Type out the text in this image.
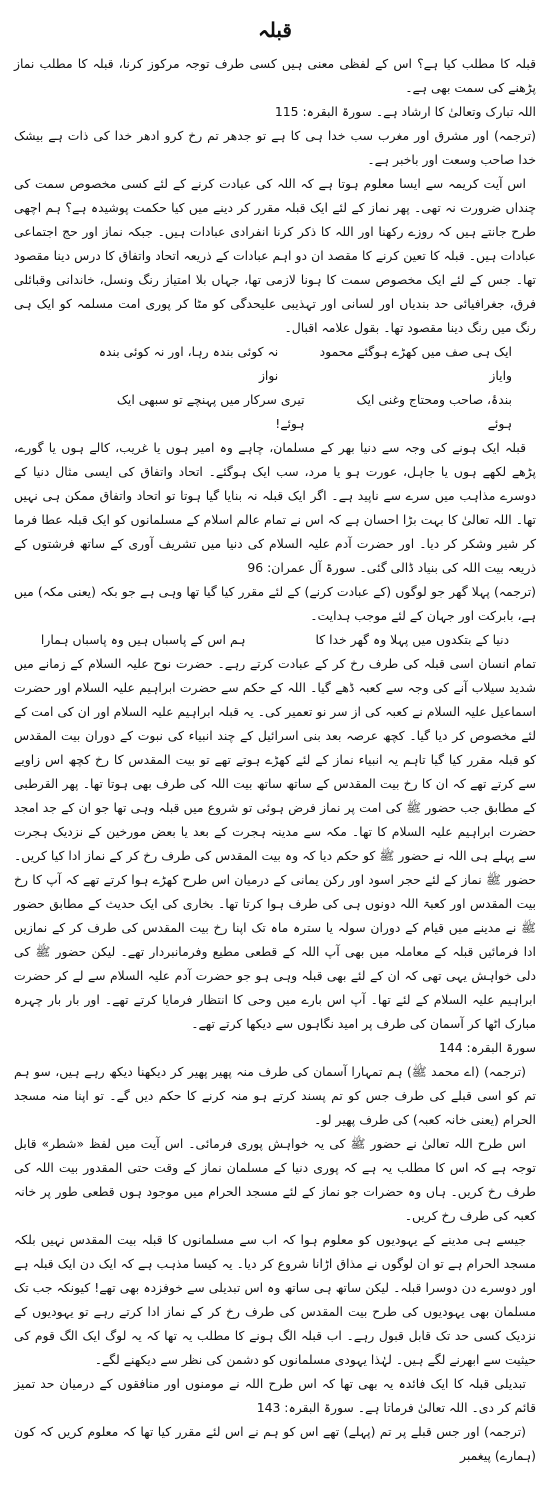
قبلہ

قبلہ کا مطلب کیا ہے؟ اس کے لفظی معنی ہیں کسی طرف توجہ مرکوز کرنا، قبلہ کا مطلب نماز پڑھنے کی سمت بھی ہے۔

اللہ تبارک وتعالیٰ کا ارشاد ہے۔ سورۃ البقرہ: 115

(ترجمہ) اور مشرق اور مغرب سب خدا ہی کا ہے تو جدھر تم رخ کرو ادھر خدا کی ذات ہے بیشک خدا صاحب وسعت اور باخبر ہے۔

اس آیت کریمہ سے ایسا معلوم ہوتا ہے کہ اللہ کی عبادت کرنے کے لئے کسی مخصوص سمت کی چنداں ضرورت نہ تھی۔ پھر نماز کے لئے ایک قبلہ مقرر کر دینے میں کیا حکمت پوشیدہ ہے؟ ہم اچھی طرح جانتے ہیں کہ روزے رکھنا اور اللہ کا ذکر کرنا انفرادی عبادات ہیں۔ جبکہ نماز اور حج اجتماعی عبادات ہیں۔ قبلہ کا تعین کرنے کا مقصد ان دو اہم عبادات کے ذریعہ اتحاد واتفاق کا درس دینا مقصود تھا۔ جس کے لئے ایک مخصوص سمت کا ہونا لازمی تھا، جہاں بلا امتیاز رنگ ونسل، خاندانی وقبائلی فرق، جغرافیائی حد بندیاں اور لسانی اور تہذیبی علیحدگی کو مٹا کر پوری امت مسلمہ کو ایک ہی رنگ میں رنگ دینا مقصود تھا۔ بقول علامہ اقبال۔

ایک ہی صف میں کھڑے ہوگئے محمود وایاز
نہ کوئی بندہ رہا، اور نہ کوئی بندہ نواز
بندۂ، صاحب ومحتاج وغنی ایک ہوئے
تیری سرکار میں پہنچے تو سبھی ایک ہوئے!

قبلہ ایک ہونے کی وجہ سے دنیا بھر کے مسلمان، چاہے وہ امیر ہوں یا غریب، کالے ہوں یا گورے، پڑھے لکھے ہوں یا جاہل، عورت ہو یا مرد، سب ایک ہوگئے۔ اتحاد واتفاق کی ایسی مثال دنیا کے دوسرے مذاہب میں سرے سے ناپید ہے۔ اگر ایک قبلہ نہ بنایا گیا ہوتا تو اتحاد واتفاق ممکن ہی نہیں تھا۔ اللہ تعالیٰ کا بہت بڑا احسان ہے کہ اس نے تمام عالم اسلام کے مسلمانوں کو ایک قبلہ عطا فرما کر شیر وشکر کر دیا۔ اور حضرت آدم علیہ السلام کی دنیا میں تشریف آوری کے ساتھ فرشتوں کے ذریعہ بیت اللہ کی بنیاد ڈالی گئی۔ سورۃ آل عمران: 96

(ترجمہ) پہلا گھر جو لوگوں (کے عبادت کرنے) کے لئے مقرر کیا گیا تھا وہی ہے جو بکہ (یعنی مکہ) میں ہے، بابرکت اور جہان کے لئے موجب ہدایت۔

دنیا کے بتکدوں میں پہلا وہ گھر خدا کا
ہم اس کے پاسباں ہیں وہ پاسباں ہمارا

تمام انسان اسی قبلہ کی طرف رخ کر کے عبادت کرتے رہے۔ حضرت نوح علیہ السلام کے زمانے میں شدید سیلاب آنے کی وجہ سے کعبہ ڈھے گیا۔ اللہ کے حکم سے حضرت ابراہیم علیہ السلام اور حضرت اسماعیل علیہ السلام نے کعبہ کی از سر نو تعمیر کی۔ یہ قبلہ ابراہیم علیہ السلام اور ان کی امت کے لئے مخصوص کر دیا گیا۔ کچھ عرصہ بعد بنی اسرائیل کے چند انبیاء کی نبوت کے دوران بیت المقدس کو قبلہ مقرر کیا گیا تاہم یہ انبیاء نماز کے لئے کھڑے ہوتے تھے تو بیت المقدس کا رخ کچھ اس زاویے سے کرتے تھے کہ ان کا رخ بیت المقدس کے ساتھ ساتھ بیت اللہ کی طرف بھی ہوتا تھا۔ پھر القرطبی کے مطابق جب حضور ﷺ کی امت پر نماز فرض ہوئی تو شروع میں قبلہ وہی تھا جو ان کے جد امجد حضرت ابراہیم علیہ السلام کا تھا۔ مکہ سے مدینہ ہجرت کے بعد یا بعض مورخین کے نزدیک ہجرت سے پہلے ہی اللہ نے حضور ﷺ کو حکم دیا کہ وہ بیت المقدس کی طرف رخ کر کے نماز ادا کیا کریں۔ حضور ﷺ نماز کے لئے حجر اسود اور رکن یمانی کے درمیان اس طرح کھڑے ہوا کرتے تھے کہ آپ کا رخ بیت المقدس اور کعبۃ اللہ دونوں ہی کی طرف ہوا کرتا تھا۔ بخاری کی ایک حدیث کے مطابق حضور ﷺ نے مدینے میں قیام کے دوران سولہ یا سترہ ماہ تک اپنا رخ بیت المقدس کی طرف کر کے نمازیں ادا فرمائیں قبلہ کے معاملہ میں بھی آپ اللہ کے قطعی مطیع وفرمانبردار تھے۔ لیکن حضور ﷺ کی دلی خواہش یہی تھی کہ ان کے لئے بھی قبلہ وہی ہو جو حضرت آدم علیہ السلام سے لے کر حضرت ابراہیم علیہ السلام کے لئے تھا۔ آپ اس بارے میں وحی کا انتظار فرمایا کرتے تھے۔ اور بار بار چہرہ مبارک اٹھا کر آسمان کی طرف پر امید نگاہوں سے دیکھا کرتے تھے۔

سورۃ البقرہ: 144

(ترجمہ) (اے محمد ﷺ) ہم تمہارا آسمان کی طرف منہ پھیر پھیر کر دیکھنا دیکھ رہے ہیں، سو ہم تم کو اسی قبلے کی طرف جس کو تم پسند کرتے ہو منہ کرنے کا حکم دیں گے۔ تو اپنا منہ مسجد الحرام (یعنی خانہ کعبہ) کی طرف پھیر لو۔

اس طرح اللہ تعالیٰ نے حضور ﷺ کی یہ خواہش پوری فرمائی۔ اس آیت میں لفظ «شطر» قابل توجہ ہے کہ اس کا مطلب یہ ہے کہ پوری دنیا کے مسلمان نماز کے وقت حتی المقدور بیت اللہ کی طرف رخ کریں۔ ہاں وہ حضرات جو نماز کے لئے مسجد الحرام میں موجود ہوں قطعی طور پر خانہ کعبہ کی طرف رخ کریں۔

جیسے ہی مدینے کے یہودیوں کو معلوم ہوا کہ اب سے مسلمانوں کا قبلہ بیت المقدس نہیں بلکہ مسجد الحرام ہے تو ان لوگوں نے مذاق اڑانا شروع کر دیا۔ یہ کیسا مذہب ہے کہ ایک دن ایک قبلہ ہے اور دوسرے دن دوسرا قبلہ۔ لیکن ساتھ ہی ساتھ وہ اس تبدیلی سے خوفزدہ بھی تھے! کیونکہ جب تک مسلمان بھی یہودیوں کی طرح بیت المقدس کی طرف رخ کر کے نماز ادا کرتے رہے تو یہودیوں کے نزدیک کسی حد تک قابل قبول رہے۔ اب قبلہ الگ ہونے کا مطلب یہ تھا کہ یہ لوگ ایک الگ قوم کی حیثیت سے ابھرنے لگے ہیں۔ لہٰذا یہودی مسلمانوں کو دشمن کی نظر سے دیکھنے لگے۔

تبدیلی قبلہ کا ایک فائدہ یہ بھی تھا کہ اس طرح اللہ نے مومنوں اور منافقوں کے درمیان حد تمیز قائم کر دی۔ اللہ تعالیٰ فرماتا ہے۔ سورۃ البقرہ: 143

(ترجمہ) اور جس قبلے پر تم (پہلے) تھے اس کو ہم نے اس لئے مقرر کیا تھا کہ معلوم کریں کہ کون (ہمارے) پیغمبر
